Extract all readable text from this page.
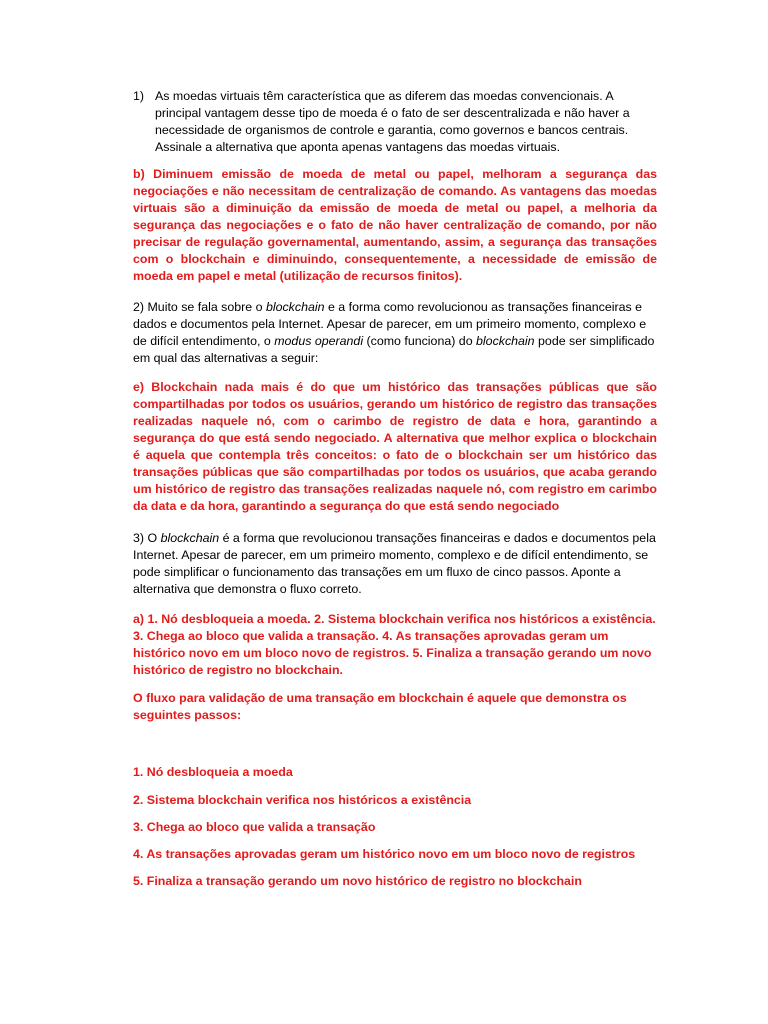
1) As moedas virtuais têm característica que as diferem das moedas convencionais. A principal vantagem desse tipo de moeda é o fato de ser descentralizada e não haver a necessidade de organismos de controle e garantia, como governos e bancos centrais. Assinale a alternativa que aponta apenas vantagens das moedas virtuais.

b) Diminuem emissão de moeda de metal ou papel, melhoram a segurança das negociações e não necessitam de centralização de comando. As vantagens das moedas virtuais são a diminuição da emissão de moeda de metal ou papel, a melhoria da segurança das negociações e o fato de não haver centralização de comando, por não precisar de regulação governamental, aumentando, assim, a segurança das transações com o blockchain e diminuindo, consequentemente, a necessidade de emissão de moeda em papel e metal (utilização de recursos finitos).

2) Muito se fala sobre o blockchain e a forma como revolucionou as transações financeiras e dados e documentos pela Internet. Apesar de parecer, em um primeiro momento, complexo e de difícil entendimento, o modus operandi (como funciona) do blockchain pode ser simplificado em qual das alternativas a seguir:

e) Blockchain nada mais é do que um histórico das transações públicas que são compartilhadas por todos os usuários, gerando um histórico de registro das transações realizadas naquele nó, com o carimbo de registro de data e hora, garantindo a segurança do que está sendo negociado. A alternativa que melhor explica o blockchain é aquela que contempla três conceitos: o fato de o blockchain ser um histórico das transações públicas que são compartilhadas por todos os usuários, que acaba gerando um histórico de registro das transações realizadas naquele nó, com registro em carimbo da data e da hora, garantindo a segurança do que está sendo negociado

3) O blockchain é a forma que revolucionou transações financeiras e dados e documentos pela Internet. Apesar de parecer, em um primeiro momento, complexo e de difícil entendimento, se pode simplificar o funcionamento das transações em um fluxo de cinco passos. Aponte a alternativa que demonstra o fluxo correto.

a) 1. Nó desbloqueia a moeda. 2. Sistema blockchain verifica nos históricos a existência. 3. Chega ao bloco que valida a transação. 4. As transações aprovadas geram um histórico novo em um bloco novo de registros. 5. Finaliza a transação gerando um novo histórico de registro no blockchain.

O fluxo para validação de uma transação em blockchain é aquele que demonstra os seguintes passos:

1. Nó desbloqueia a moeda
2. Sistema blockchain verifica nos históricos a existência
3. Chega ao bloco que valida a transação
4. As transações aprovadas geram um histórico novo em um bloco novo de registros
5. Finaliza a transação gerando um novo histórico de registro no blockchain
